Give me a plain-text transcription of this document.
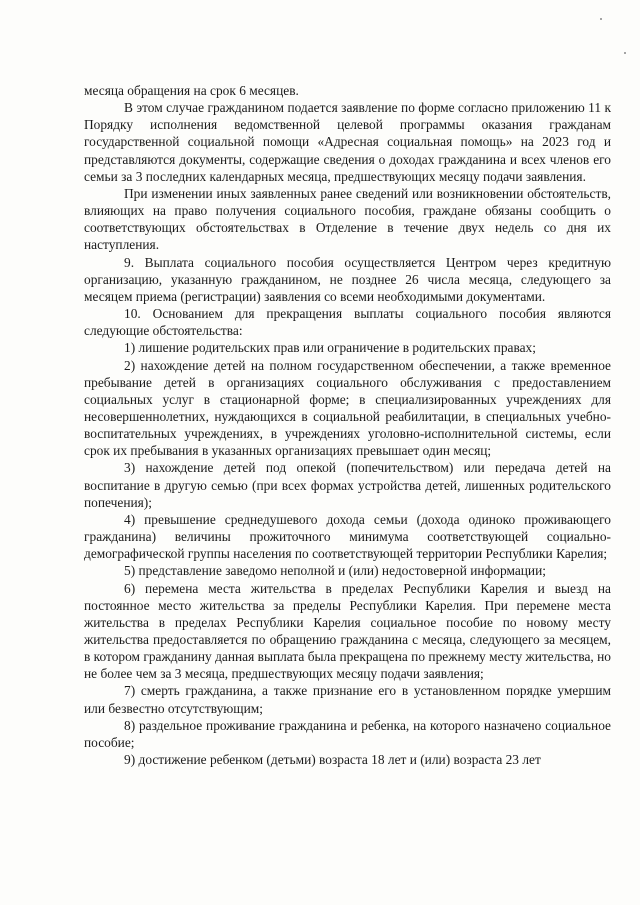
месяца обращения на срок 6 месяцев.

В этом случае гражданином подается заявление по форме согласно приложению 11 к Порядку исполнения ведомственной целевой программы оказания гражданам государственной социальной помощи «Адресная социальная помощь» на 2023 год и представляются документы, содержащие сведения о доходах гражданина и всех членов его семьи за 3 последних календарных месяца, предшествующих месяцу подачи заявления.

При изменении иных заявленных ранее сведений или возникновении обстоятельств, влияющих на право получения социального пособия, граждане обязаны сообщить о соответствующих обстоятельствах в Отделение в течение двух недель со дня их наступления.

9. Выплата социального пособия осуществляется Центром через кредитную организацию, указанную гражданином, не позднее 26 числа месяца, следующего за месяцем приема (регистрации) заявления со всеми необходимыми документами.

10. Основанием для прекращения выплаты социального пособия являются следующие обстоятельства:

1) лишение родительских прав или ограничение в родительских правах;

2) нахождение детей на полном государственном обеспечении, а также временное пребывание детей в организациях социального обслуживания с предоставлением социальных услуг в стационарной форме; в специализированных учреждениях для несовершеннолетних, нуждающихся в социальной реабилитации, в специальных учебно-воспитательных учреждениях, в учреждениях уголовно-исполнительной системы, если срок их пребывания в указанных организациях превышает один месяц;

3) нахождение детей под опекой (попечительством) или передача детей на воспитание в другую семью (при всех формах устройства детей, лишенных родительского попечения);

4) превышение среднедушевого дохода семьи (дохода одиноко проживающего гражданина) величины прожиточного минимума соответствующей социально-демографической группы населения по соответствующей территории Республики Карелия;

5) представление заведомо неполной и (или) недостоверной информации;

6) перемена места жительства в пределах Республики Карелия и выезд на постоянное место жительства за пределы Республики Карелия. При перемене места жительства в пределах Республики Карелия социальное пособие по новому месту жительства предоставляется по обращению гражданина с месяца, следующего за месяцем, в котором гражданину данная выплата была прекращена по прежнему месту жительства, но не более чем за 3 месяца, предшествующих месяцу подачи заявления;

7) смерть гражданина, а также признание его в установленном порядке умершим или безвестно отсутствующим;

8) раздельное проживание гражданина и ребенка, на которого назначено социальное пособие;

9) достижение ребенком (детьми) возраста 18 лет и (или) возраста 23 лет
